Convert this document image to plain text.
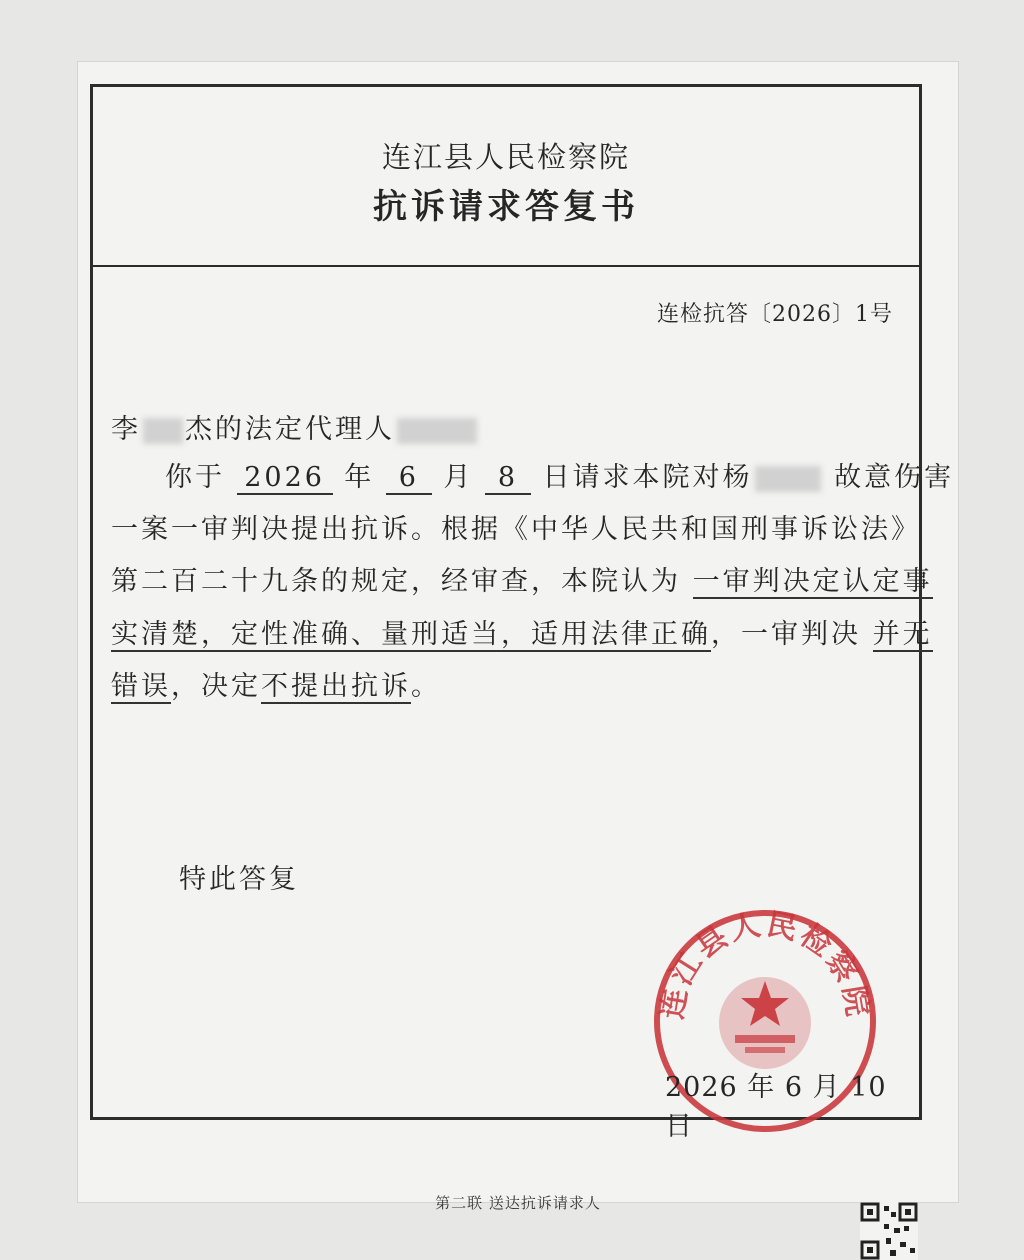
连江县人民检察院
抗诉请求答复书
连检抗答〔2026〕1号
李 杰的法定代理人
你于 2026 年 6 月 8 日请求本院对杨	故意伤害
一案一审判决提出抗诉。根据《中华人民共和国刑事诉讼法》
第二百二十九条的规定，经审查，本院认为 一审判决定认定事
实清楚，定性准确、量刑适当，适用法律正确，一审判决 并无
错误，决定不提出抗诉。
特此答复
连江县人民检察院
2026 年 6 月 10 日
第二联 送达抗诉请求人
